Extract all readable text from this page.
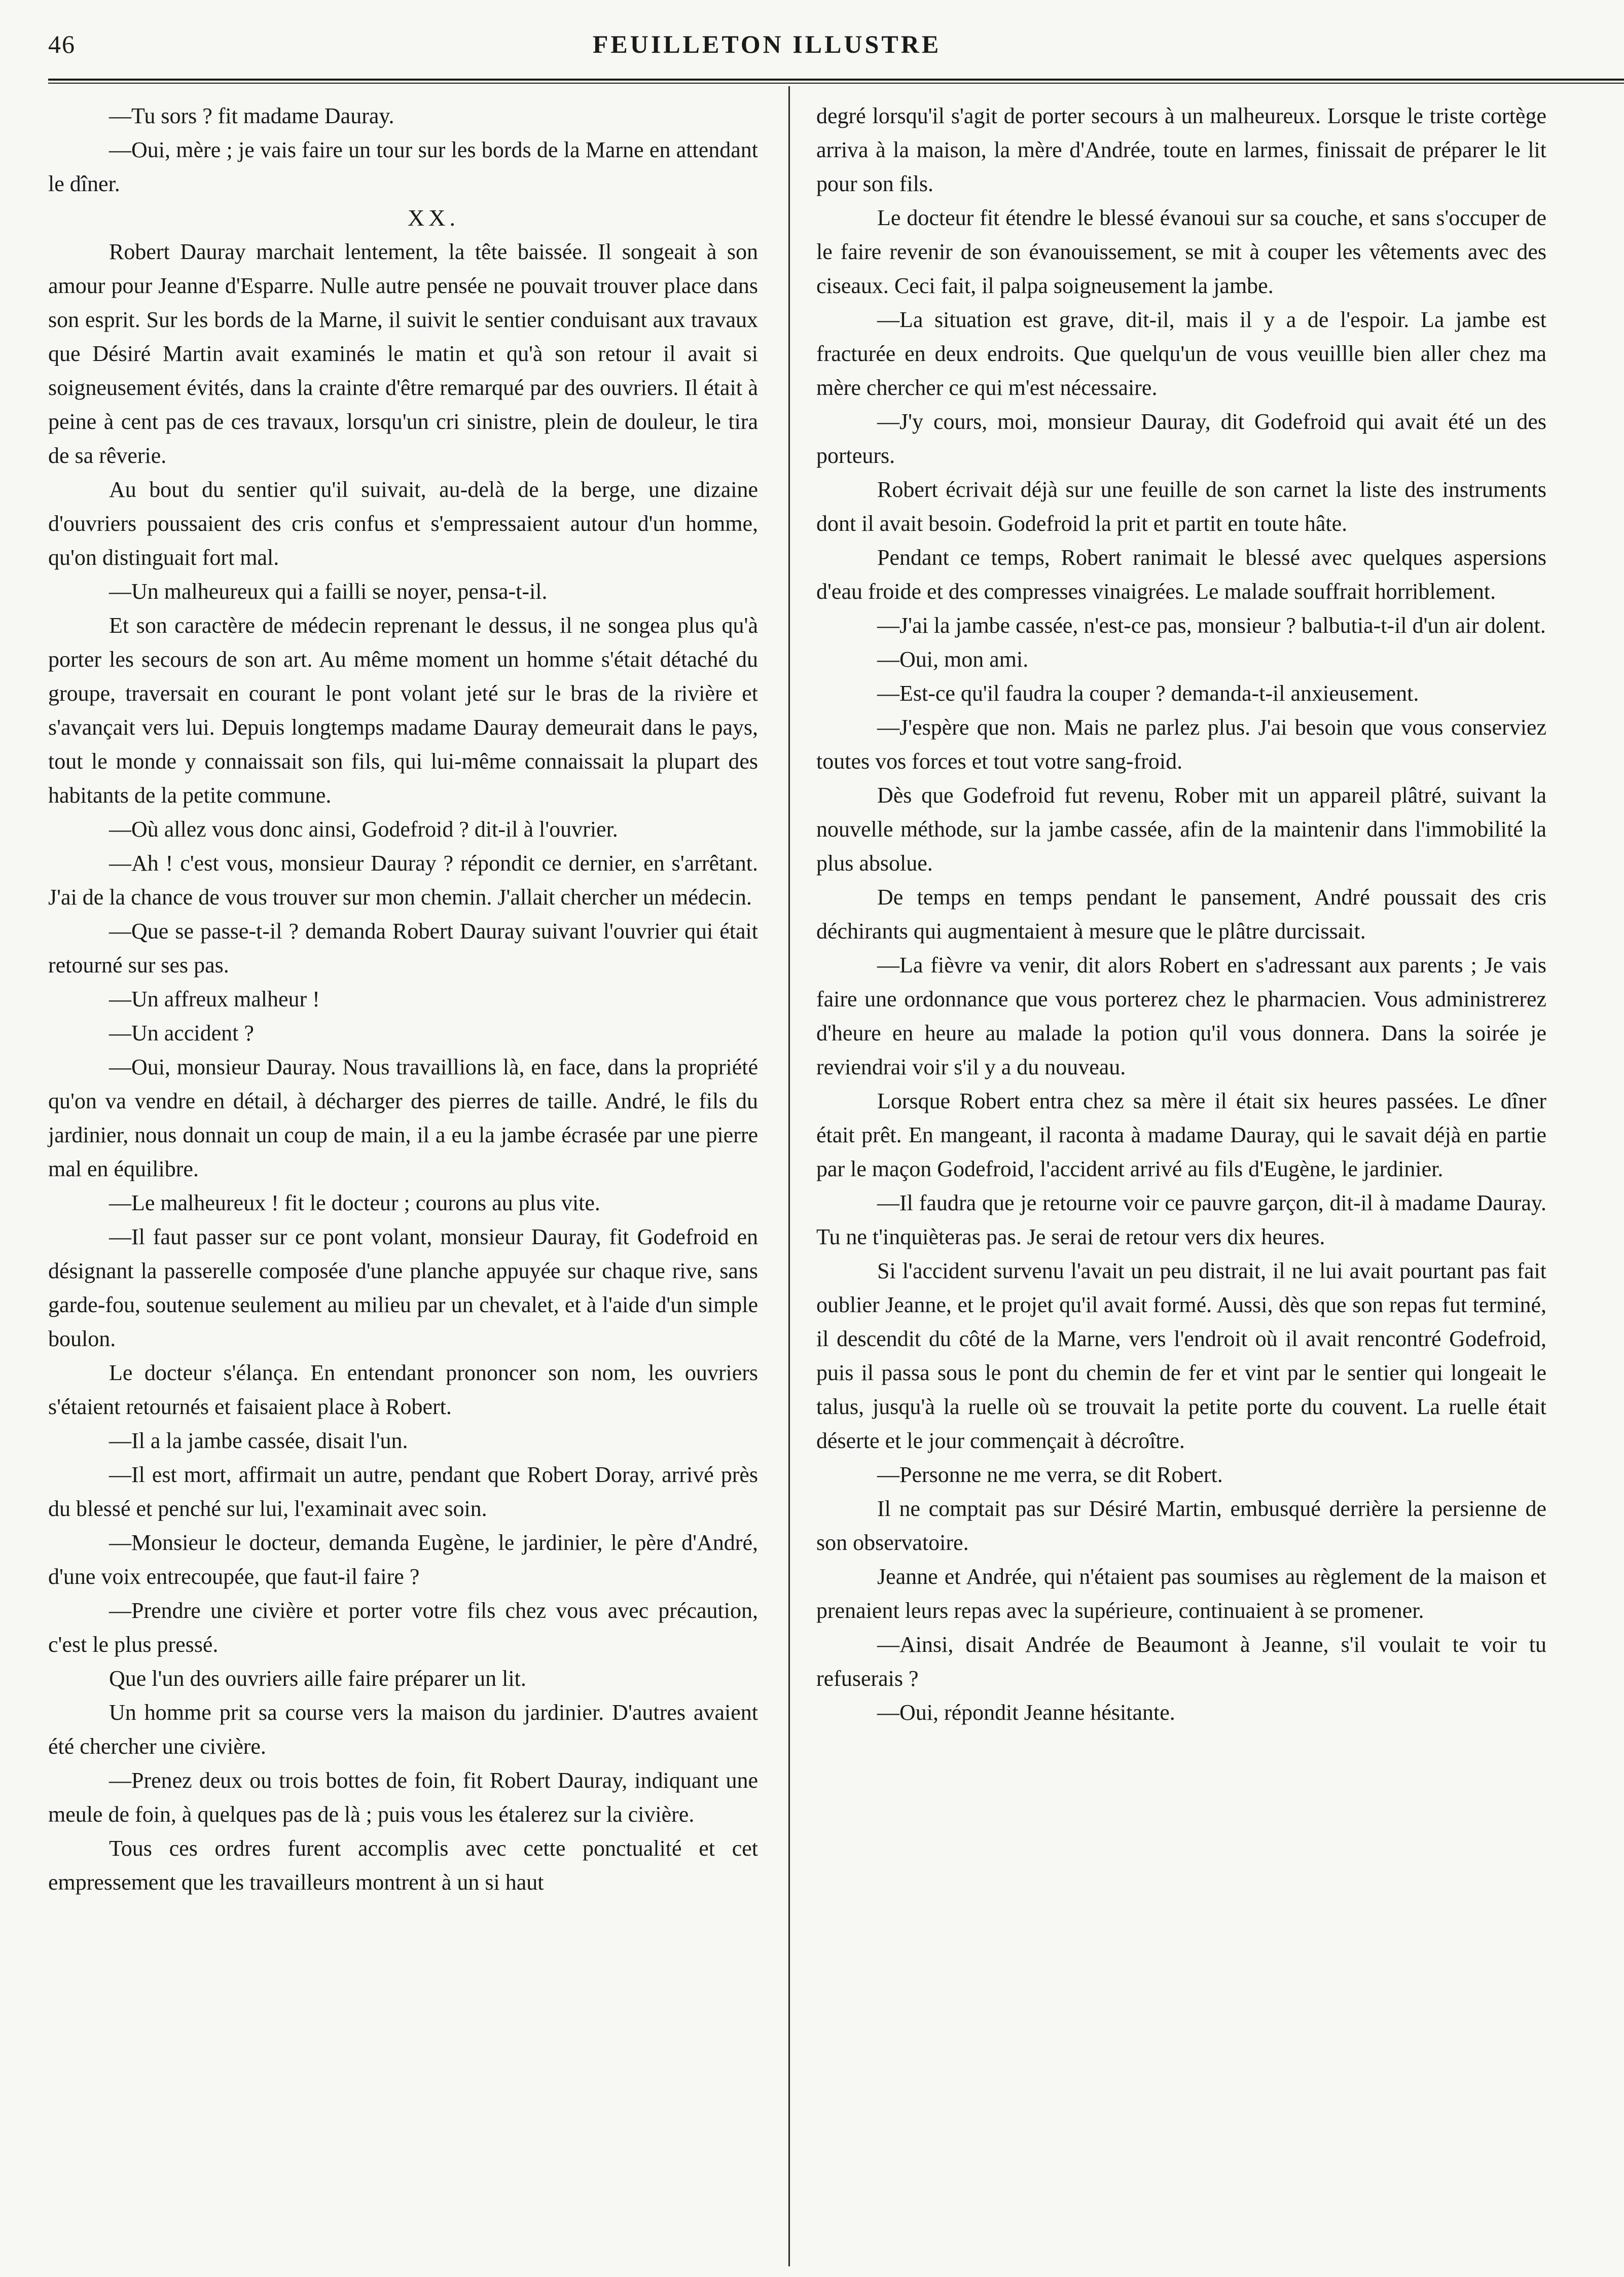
46	FEUILLETON ILLUSTRE

—Tu sors ? fit madame Dauray.

—Oui, mère ; je vais faire un tour sur les bords de la Marne en attendant le dîner.

XX.

Robert Dauray marchait lentement, la tête baissée. Il songeait à son amour pour Jeanne d'Esparre. Nulle autre pensée ne pouvait trouver place dans son esprit. Sur les bords de la Marne, il suivit le sentier conduisant aux travaux que Désiré Martin avait examinés le matin et qu'à son retour il avait si soigneusement évités, dans la crainte d'être remarqué par des ouvriers. Il était à peine à cent pas de ces travaux, lorsqu'un cri sinistre, plein de douleur, le tira de sa rêverie.

Au bout du sentier qu'il suivait, au-delà de la berge, une dizaine d'ouvriers poussaient des cris confus et s'empressaient autour d'un homme, qu'on distinguait fort mal.

—Un malheureux qui a failli se noyer, pensa-t-il.

Et son caractère de médecin reprenant le dessus, il ne songea plus qu'à porter les secours de son art. Au même moment un homme s'était détaché du groupe, traversait en courant le pont volant jeté sur le bras de la rivière et s'avançait vers lui. Depuis longtemps madame Dauray demeurait dans le pays, tout le monde y connaissait son fils, qui lui-même connaissait la plupart des habitants de la petite commune.

—Où allez vous donc ainsi, Godefroid ? dit-il à l'ouvrier.

—Ah ! c'est vous, monsieur Dauray ? répondit ce dernier, en s'arrêtant. J'ai de la chance de vous trouver sur mon chemin. J'allait chercher un médecin.

—Que se passe-t-il ? demanda Robert Dauray suivant l'ouvrier qui était retourné sur ses pas.

—Un affreux malheur !

—Un accident ?

—Oui, monsieur Dauray. Nous travaillions là, en face, dans la propriété qu'on va vendre en détail, à décharger des pierres de taille. André, le fils du jardinier, nous donnait un coup de main, il a eu la jambe écrasée par une pierre mal en équilibre.

—Le malheureux ! fit le docteur ; courons au plus vite.

—Il faut passer sur ce pont volant, monsieur Dauray, fit Godefroid en désignant la passerelle composée d'une planche appuyée sur chaque rive, sans garde-fou, soutenue seulement au milieu par un chevalet, et à l'aide d'un simple boulon.

Le docteur s'élança. En entendant prononcer son nom, les ouvriers s'étaient retournés et faisaient place à Robert.

—Il a la jambe cassée, disait l'un.

—Il est mort, affirmait un autre, pendant que Robert Doray, arrivé près du blessé et penché sur lui, l'examinait avec soin.

—Monsieur le docteur, demanda Eugène, le jardinier, le père d'André, d'une voix entrecoupée, que faut-il faire ?

—Prendre une civière et porter votre fils chez vous avec précaution, c'est le plus pressé.

Que l'un des ouvriers aille faire préparer un lit.

Un homme prit sa course vers la maison du jardinier. D'autres avaient été chercher une civière.

—Prenez deux ou trois bottes de foin, fit Robert Dauray, indiquant une meule de foin, à quelques pas de là ; puis vous les étalerez sur la civière.

Tous ces ordres furent accomplis avec cette ponctualité et cet empressement que les travailleurs montrent à un si haut

degré lorsqu'il s'agit de porter secours à un malheureux. Lorsque le triste cortège arriva à la maison, la mère d'Andrée, toute en larmes, finissait de préparer le lit pour son fils.

Le docteur fit étendre le blessé évanoui sur sa couche, et sans s'occuper de le faire revenir de son évanouissement, se mit à couper les vêtements avec des ciseaux. Ceci fait, il palpa soigneusement la jambe.

—La situation est grave, dit-il, mais il y a de l'espoir. La jambe est fracturée en deux endroits. Que quelqu'un de vous veuillle bien aller chez ma mère chercher ce qui m'est nécessaire.

—J'y cours, moi, monsieur Dauray, dit Godefroid qui avait été un des porteurs.

Robert écrivait déjà sur une feuille de son carnet la liste des instruments dont il avait besoin. Godefroid la prit et partit en toute hâte.

Pendant ce temps, Robert ranimait le blessé avec quelques aspersions d'eau froide et des compresses vinaigrées. Le malade souffrait horriblement.

—J'ai la jambe cassée, n'est-ce pas, monsieur ? balbutia-t-il d'un air dolent.

—Oui, mon ami.

—Est-ce qu'il faudra la couper ? demanda-t-il anxieusement.

—J'espère que non. Mais ne parlez plus. J'ai besoin que vous conserviez toutes vos forces et tout votre sang-froid.

Dès que Godefroid fut revenu, Rober mit un appareil plâtré, suivant la nouvelle méthode, sur la jambe cassée, afin de la maintenir dans l'immobilité la plus absolue.

De temps en temps pendant le pansement, André poussait des cris déchirants qui augmentaient à mesure que le plâtre durcissait.

—La fièvre va venir, dit alors Robert en s'adressant aux parents ; Je vais faire une ordonnance que vous porterez chez le pharmacien. Vous administrerez d'heure en heure au malade la potion qu'il vous donnera. Dans la soirée je reviendrai voir s'il y a du nouveau.

Lorsque Robert entra chez sa mère il était six heures passées. Le dîner était prêt. En mangeant, il raconta à madame Dauray, qui le savait déjà en partie par le maçon Godefroid, l'accident arrivé au fils d'Eugène, le jardinier.

—Il faudra que je retourne voir ce pauvre garçon, dit-il à madame Dauray. Tu ne t'inquièteras pas. Je serai de retour vers dix heures.

Si l'accident survenu l'avait un peu distrait, il ne lui avait pourtant pas fait oublier Jeanne, et le projet qu'il avait formé. Aussi, dès que son repas fut terminé, il descendit du côté de la Marne, vers l'endroit où il avait rencontré Godefroid, puis il passa sous le pont du chemin de fer et vint par le sentier qui longeait le talus, jusqu'à la ruelle où se trouvait la petite porte du couvent. La ruelle était déserte et le jour commençait à décroître.

—Personne ne me verra, se dit Robert.

Il ne comptait pas sur Désiré Martin, embusqué derrière la persienne de son observatoire.

Jeanne et Andrée, qui n'étaient pas soumises au règlement de la maison et prenaient leurs repas avec la supérieure, continuaient à se promener.

—Ainsi, disait Andrée de Beaumont à Jeanne, s'il voulait te voir tu refuserais ?

—Oui, répondit Jeanne hésitante.
